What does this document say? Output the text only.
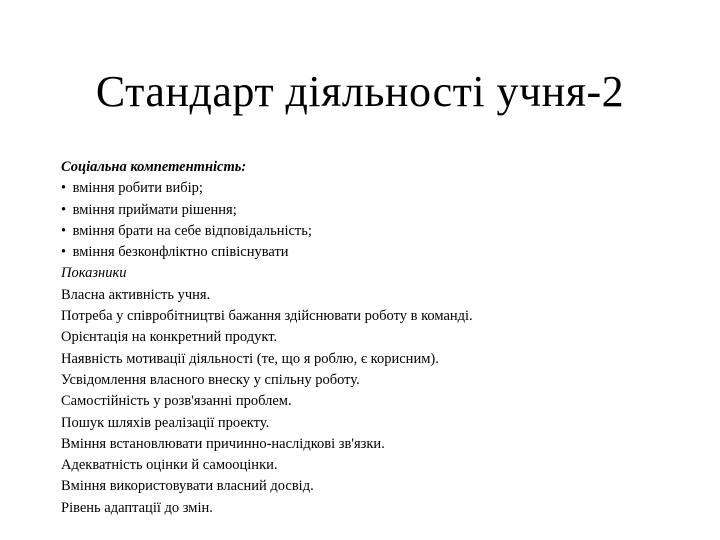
Стандарт діяльності учня-2
Соціальна компетентність:
• вміння робити вибір;
• вміння приймати рішення;
• вміння брати на себе відповідальність;
• вміння безконфліктно співіснувати
Показники
Власна активність учня.
Потреба у співробітництві бажання здійснювати роботу в команді.
Орієнтація на конкретний продукт.
Наявність мотивації діяльності (те, що я роблю, є корисним).
Усвідомлення власного внеску у спільну роботу.
Самостійність у розв'язанні проблем.
Пошук шляхів реалізації проекту.
Вміння встановлювати причинно-наслідкові зв'язки.
Адекватність оцінки й самооцінки.
Вміння використовувати власний досвід.
Рівень адаптації до змін.
